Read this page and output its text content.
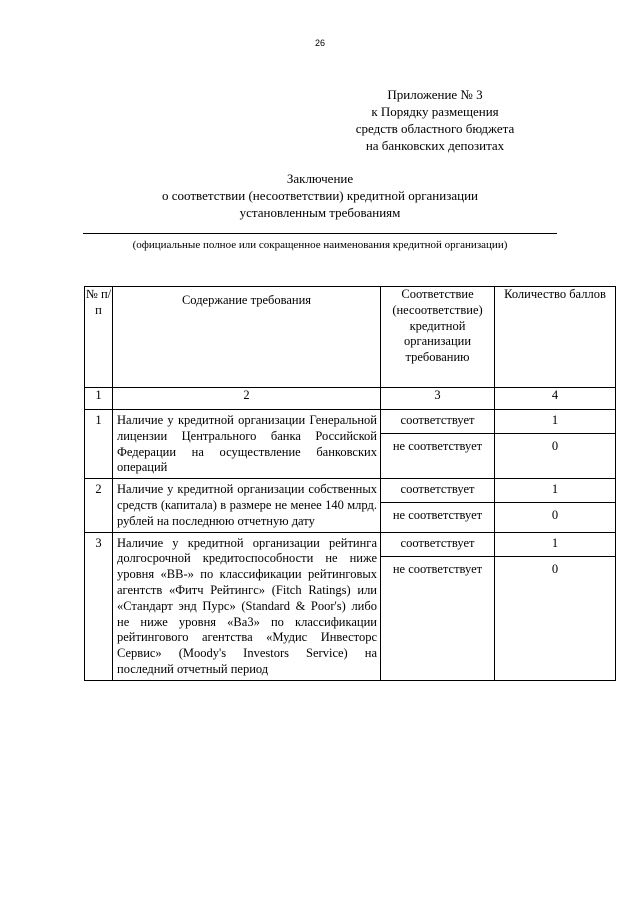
26
Приложение № 3
к Порядку размещения
средств областного бюджета
на банковских депозитах
Заключение
о соответствии (несоответствии) кредитной организации
установленным требованиям
(официальные полное или сокращенное наименования кредитной организации)
№ п/п	Содержание требования	Соответствие (несоответствие) кредитной организации требованию	Количество баллов
1	2	3	4
1	Наличие у кредитной организации Генеральной лицензии Центрального банка Российской Федерации на осуществление банковских операций	соответствует	1
		не соответствует	0
2	Наличие у кредитной организации собственных средств (капитала) в размере не менее 140 млрд. рублей на последнюю отчетную дату	соответствует	1
		не соответствует	0
3	Наличие у кредитной организации рейтинга долгосрочной кредитоспособности не ниже уровня «BB-» по классификации рейтинговых агентств «Фитч Рейтингс» (Fitch Ratings) или «Стандарт энд Пурс» (Standard & Poor's) либо не ниже уровня «Ba3» по классификации рейтингового агентства «Мудис Инвесторс Сервис» (Moody's Investors Service) на последний отчетный период	соответствует	1
		не соответствует	0
